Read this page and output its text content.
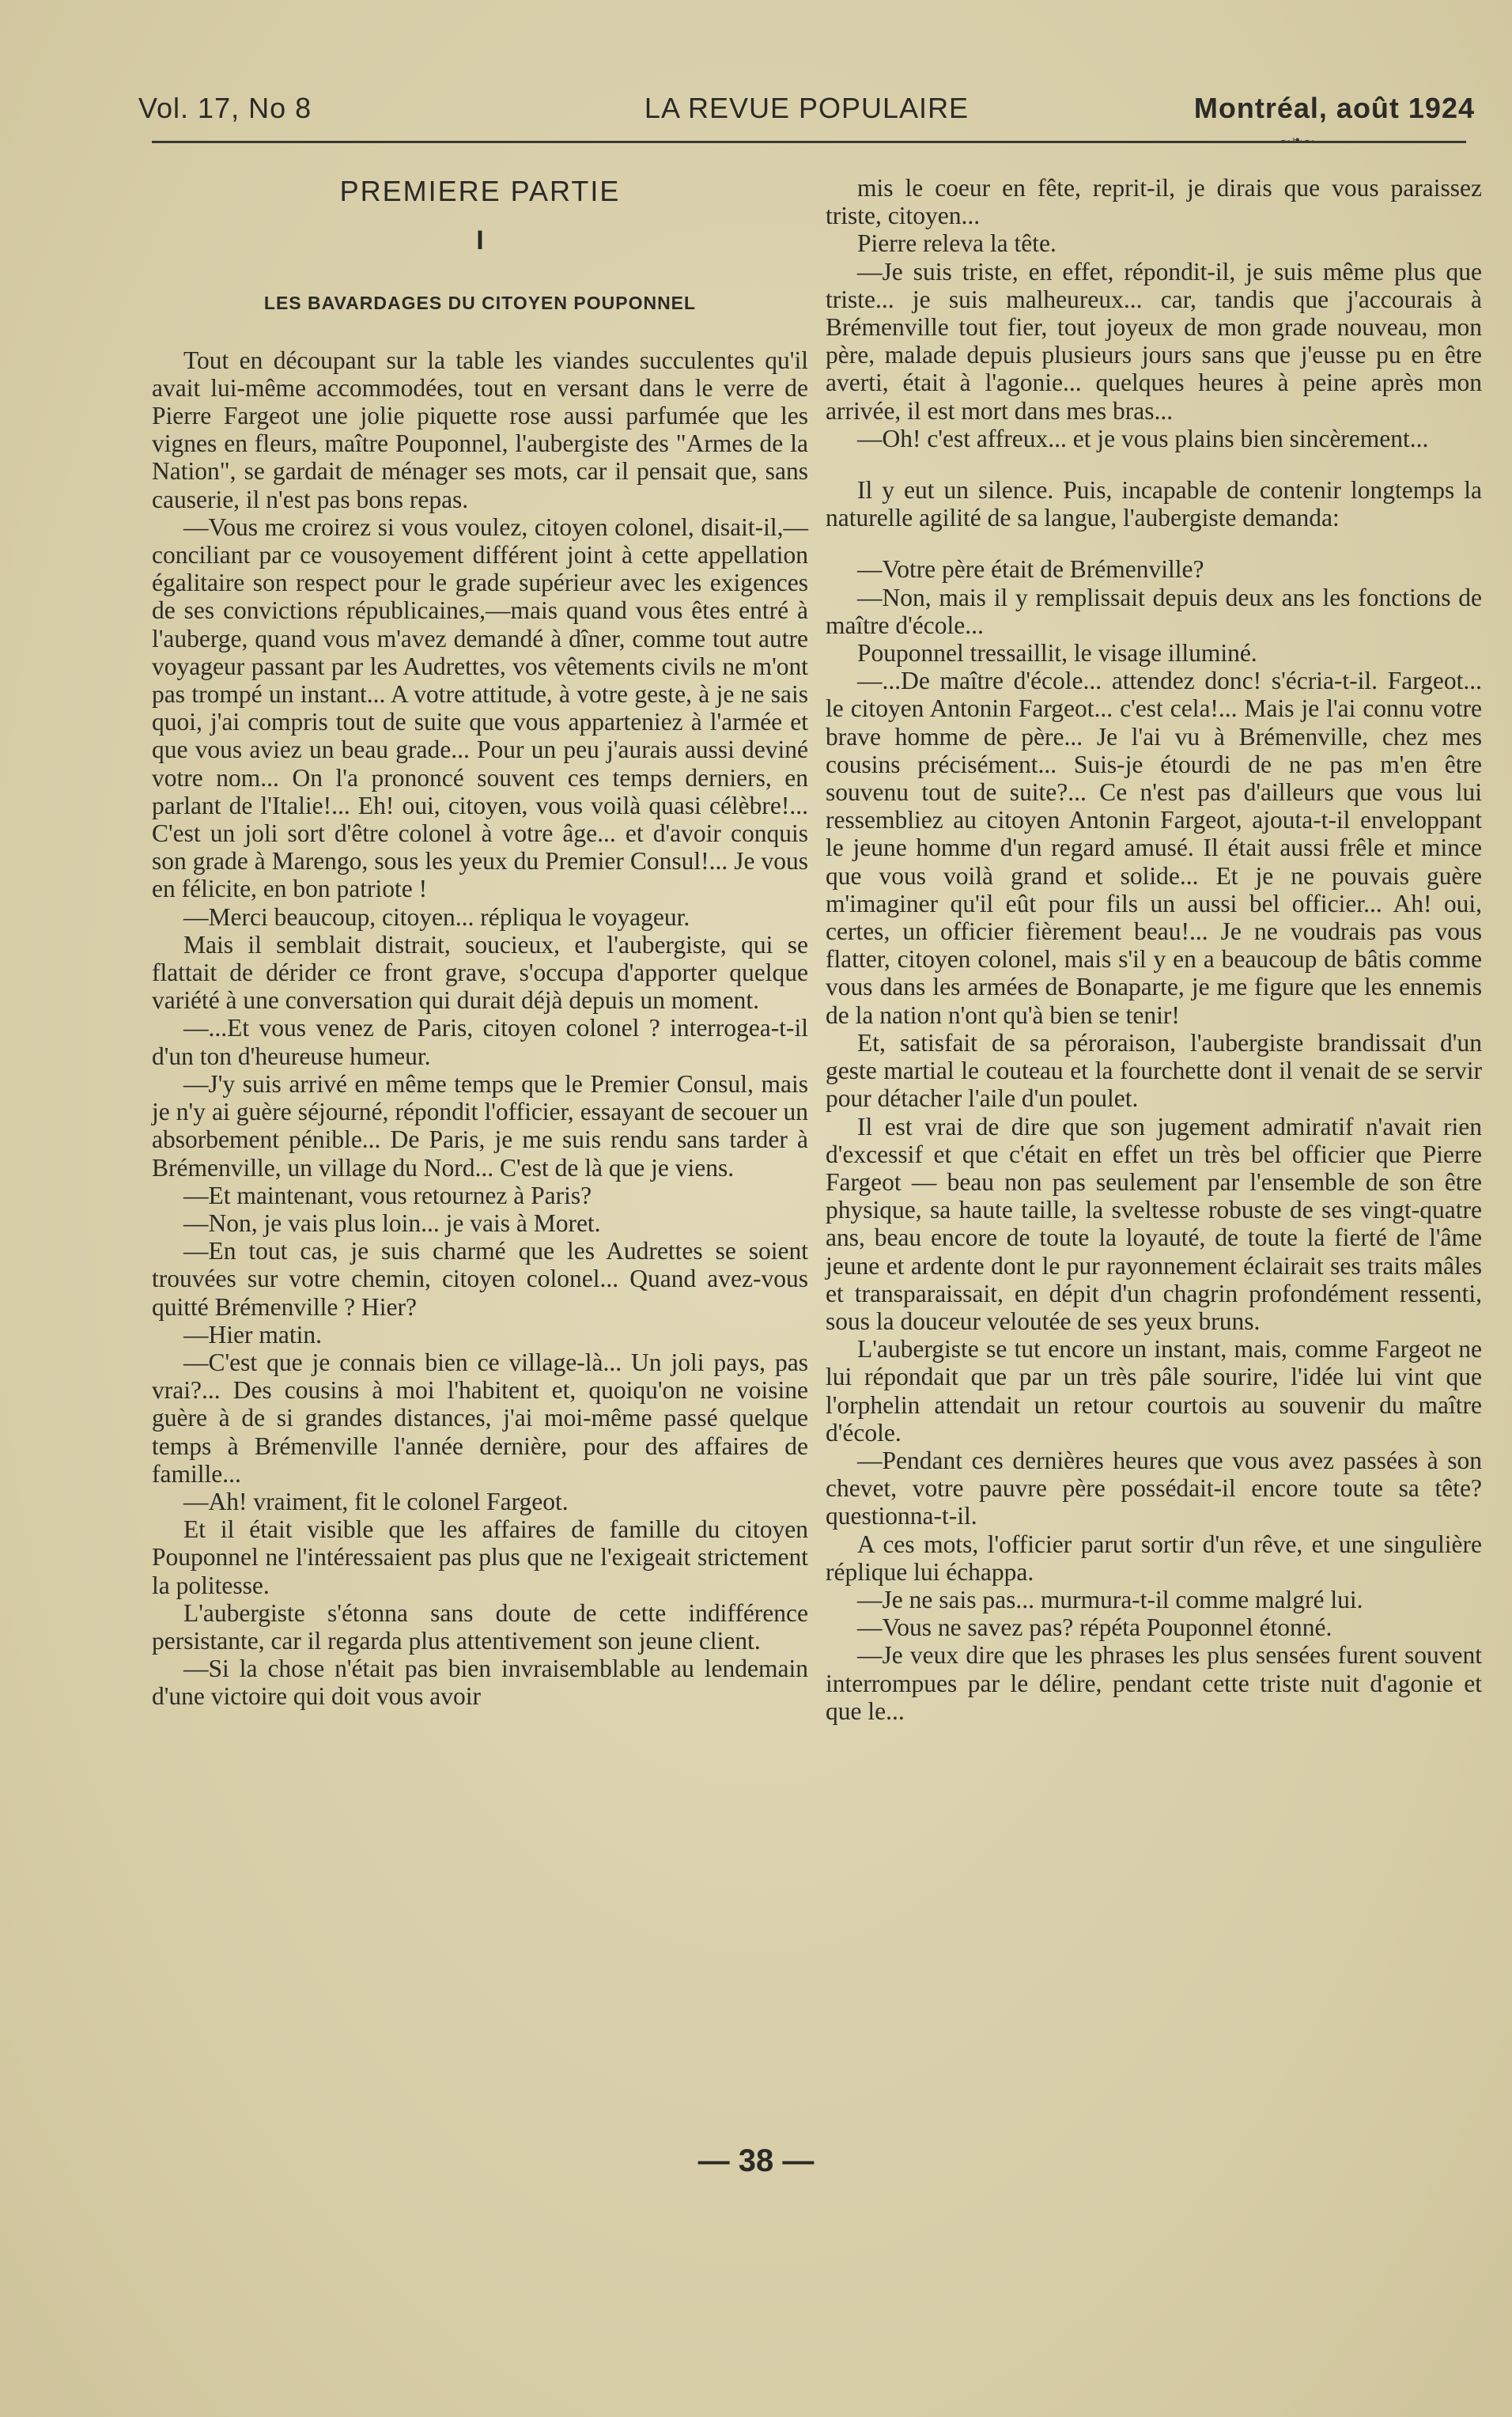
Vol. 17, No 8	LA REVUE POPULAIRE	Montréal, août 1924
~❧~
PREMIERE PARTIE
I
LES BAVARDAGES DU CITOYEN POUPONNEL

Tout en découpant sur la table les viandes succulentes qu'il avait lui-même accommodées, tout en versant dans le verre de Pierre Fargeot une jolie piquette rose aussi parfumée que les vignes en fleurs, maître Pouponnel, l'aubergiste des "Armes de la Nation", se gardait de ménager ses mots, car il pensait que, sans causerie, il n'est pas bons repas.

—Vous me croirez si vous voulez, citoyen colonel, disait-il,—conciliant par ce vousoyement différent joint à cette appellation égalitaire son respect pour le grade supérieur avec les exigences de ses convictions républicaines,—mais quand vous êtes entré à l'auberge, quand vous m'avez demandé à dîner, comme tout autre voyageur passant par les Audrettes, vos vêtements civils ne m'ont pas trompé un instant... A votre attitude, à votre geste, à je ne sais quoi, j'ai compris tout de suite que vous apparteniez à l'armée et que vous aviez un beau grade... Pour un peu j'aurais aussi deviné votre nom... On l'a prononcé souvent ces temps derniers, en parlant de l'Italie!... Eh! oui, citoyen, vous voilà quasi célèbre!... C'est un joli sort d'être colonel à votre âge... et d'avoir conquis son grade à Marengo, sous les yeux du Premier Consul!... Je vous en félicite, en bon patriote !

—Merci beaucoup, citoyen... répliqua le voyageur.

Mais il semblait distrait, soucieux, et l'aubergiste, qui se flattait de dérider ce front grave, s'occupa d'apporter quelque variété à une conversation qui durait déjà depuis un moment.

—...Et vous venez de Paris, citoyen colonel ? interrogea-t-il d'un ton d'heureuse humeur.

—J'y suis arrivé en même temps que le Premier Consul, mais je n'y ai guère séjourné, répondit l'officier, essayant de secouer un absorbement pénible... De Paris, je me suis rendu sans tarder à Brémenville, un village du Nord... C'est de là que je viens.

—Et maintenant, vous retournez à Paris?

—Non, je vais plus loin... je vais à Moret.

—En tout cas, je suis charmé que les Audrettes se soient trouvées sur votre chemin, citoyen colonel... Quand avez-vous quitté Brémenville ? Hier?

—Hier matin.

—C'est que je connais bien ce village-là... Un joli pays, pas vrai?... Des cousins à moi l'habitent et, quoiqu'on ne voisine guère à de si grandes distances, j'ai moi-même passé quelque temps à Brémenville l'année dernière, pour des affaires de famille...

—Ah! vraiment, fit le colonel Fargeot.

Et il était visible que les affaires de famille du citoyen Pouponnel ne l'intéressaient pas plus que ne l'exigeait strictement la politesse.

L'aubergiste s'étonna sans doute de cette indifférence persistante, car il regarda plus attentivement son jeune client.

—Si la chose n'était pas bien invraisemblable au lendemain d'une victoire qui doit vous avoir

mis le coeur en fête, reprit-il, je dirais que vous paraissez triste, citoyen...

Pierre releva la tête.

—Je suis triste, en effet, répondit-il, je suis même plus que triste... je suis malheureux... car, tandis que j'accourais à Brémenville tout fier, tout joyeux de mon grade nouveau, mon père, malade depuis plusieurs jours sans que j'eusse pu en être averti, était à l'agonie... quelques heures à peine après mon arrivée, il est mort dans mes bras...

—Oh! c'est affreux... et je vous plains bien sincèrement...

Il y eut un silence. Puis, incapable de contenir longtemps la naturelle agilité de sa langue, l'aubergiste demanda:

—Votre père était de Brémenville?

—Non, mais il y remplissait depuis deux ans les fonctions de maître d'école...

Pouponnel tressaillit, le visage illuminé.

—...De maître d'école... attendez donc! s'écria-t-il. Fargeot... le citoyen Antonin Fargeot... c'est cela!... Mais je l'ai connu votre brave homme de père... Je l'ai vu à Brémenville, chez mes cousins précisément... Suis-je étourdi de ne pas m'en être souvenu tout de suite?... Ce n'est pas d'ailleurs que vous lui ressembliez au citoyen Antonin Fargeot, ajouta-t-il enveloppant le jeune homme d'un regard amusé. Il était aussi frêle et mince que vous voilà grand et solide... Et je ne pouvais guère m'imaginer qu'il eût pour fils un aussi bel officier... Ah! oui, certes, un officier fièrement beau!... Je ne voudrais pas vous flatter, citoyen colonel, mais s'il y en a beaucoup de bâtis comme vous dans les armées de Bonaparte, je me figure que les ennemis de la nation n'ont qu'à bien se tenir!

Et, satisfait de sa péroraison, l'aubergiste brandissait d'un geste martial le couteau et la fourchette dont il venait de se servir pour détacher l'aile d'un poulet.

Il est vrai de dire que son jugement admiratif n'avait rien d'excessif et que c'était en effet un très bel officier que Pierre Fargeot — beau non pas seulement par l'ensemble de son être physique, sa haute taille, la sveltesse robuste de ses vingt-quatre ans, beau encore de toute la loyauté, de toute la fierté de l'âme jeune et ardente dont le pur rayonnement éclairait ses traits mâles et transparaissait, en dépit d'un chagrin profondément ressenti, sous la douceur veloutée de ses yeux bruns.

L'aubergiste se tut encore un instant, mais, comme Fargeot ne lui répondait que par un très pâle sourire, l'idée lui vint que l'orphelin attendait un retour courtois au souvenir du maître d'école.

—Pendant ces dernières heures que vous avez passées à son chevet, votre pauvre père possédait-il encore toute sa tête? questionna-t-il.

A ces mots, l'officier parut sortir d'un rêve, et une singulière réplique lui échappa.

—Je ne sais pas... murmura-t-il comme malgré lui.

—Vous ne savez pas? répéta Pouponnel étonné.

—Je veux dire que les phrases les plus sensées furent souvent interrompues par le délire, pendant cette triste nuit d'agonie et que le...

— 38 —
